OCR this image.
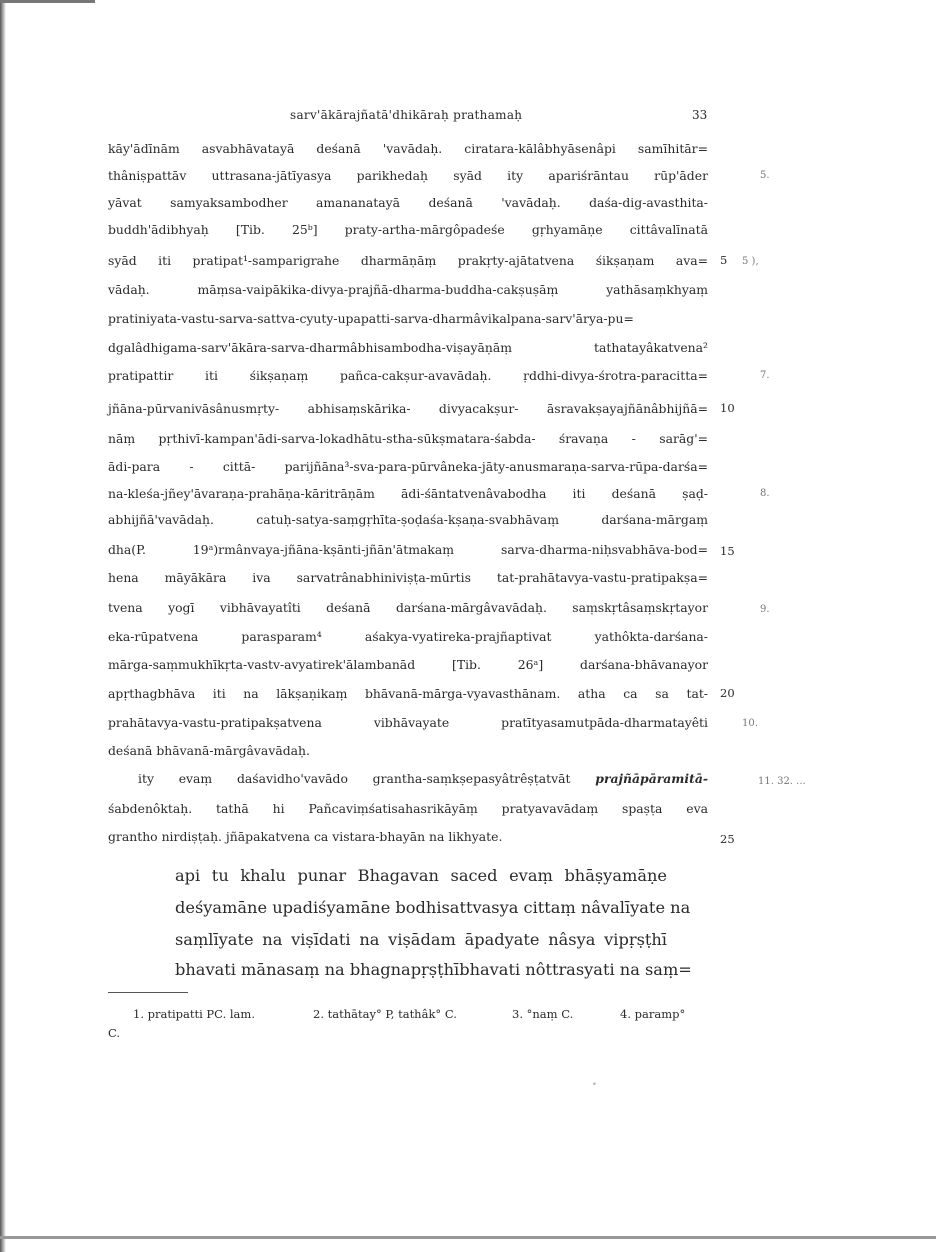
sarv'ākārajñatā'dhikāraḥ prathamaḥ	33
kāy'ādīnām asvabhāvatayā deśanā 'vavādaḥ. ciratara-kālâbhyāsenâpi samīhitār=
thâniṣpattāv uttrasana-jātīyasya parikhedaḥ syād ity apariśrāntau rūp'āder
yāvat samyaksambodher amananatayā deśanā 'vavādaḥ. daśa-dig-avasthita-
buddh'ādibhyaḥ [Tib. 25ᵇ] praty-artha-mārgôpadeśe gṛhyamāṇe cittâvalīnatā
syād iti pratipat¹-samparigrahe dharmāṇāṃ prakṛty-ajātatvena śikṣaṇam ava=
vādaḥ. māṃsa-vaipākika-divya-prajñā-dharma-buddha-cakṣuṣāṃ yathāsaṃkhyaṃ
pratiniyata-vastu-sarva-sattva-cyuty-upapatti-sarva-dharmâvikalpana-sarv'ārya-pu=
dgalâdhigama-sarv'ākāra-sarva-dharmâbhisambodha-viṣayāṇāṃ tathatayâkatvena²
pratipattir iti śikṣaṇaṃ pañca-cakṣur-avavādaḥ. ṛddhi-divya-śrotra-paracitta=
jñāna-pūrvanivāsânusmṛty- abhisaṃskārika- divyacakṣur- āsravakṣayajñānâbhijñā=
nāṃ pṛthivī-kampan'ādi-sarva-lokadhātu-stha-sūkṣmatara-śabda- śravaṇa - sarāg'=
ādi-para - cittā- parijñāna³-sva-para-pūrvâneka-jāty-anusmaraṇa-sarva-rūpa-darśa=
na-kleśa-jñey'āvaraṇa-prahāṇa-kāritrāṇām ādi-śāntatvenâvabodha iti deśanā ṣaḍ-
abhijñā'vavādaḥ. catuḥ-satya-saṃgṛhīta-ṣoḍaśa-kṣaṇa-svabhāvaṃ darśana-mārgaṃ
dha(P. 19ᵃ)rmânvaya-jñāna-kṣānti-jñān'ātmakaṃ sarva-dharma-niḥsvabhāva-bod=
hena māyākāra iva sarvatrânabhiniviṣṭa-mūrtis tat-prahātavya-vastu-pratipakṣa=
tvena yogī vibhāvayatîti deśanā darśana-mārgâvavādaḥ. saṃskṛtâsaṃskṛtayor
eka-rūpatvena parasparam⁴ aśakya-vyatireka-prajñaptivat yathôkta-darśana-
mārga-saṃmukhīkṛta-vastv-avyatirek'ālambanād [Tib. 26ᵃ] darśana-bhāvanayor
apṛthagbhāva iti na lākṣaṇikaṃ bhāvanā-mārga-vyavasthānam. atha ca sa tat-
prahātavya-vastu-pratipakṣatvena vibhāvayate pratītyasamutpāda-dharmatayêti
deśanā bhāvanā-mārgâvavādaḥ.
ity evaṃ daśavidho'vavādo grantha-saṃkṣepasyâtrêṣṭatvāt prajñāpāramitā-
śabdenôktaḥ. tathā hi Pañcaviṃśatisahasrikāyāṃ pratyavavādaṃ spaṣṭa eva
grantho nirdiṣṭaḥ. jñāpakatvena ca vistara-bhayān na likhyate.
5
10
15
20
25
5.
5 ),
7.
8.
9.
10.
11. 32. ...
api tu khalu punar Bhagavan saced evaṃ bhāṣyamāṇe
deśyamāne upadiśyamāne bodhisattvasya cittaṃ nâvalīyate na
saṃlīyate na viṣīdati na viṣādam āpadyate nâsya vipṛṣṭhī
bhavati mānasaṃ na bhagnapṛṣṭhībhavati nôttrasyati na saṃ=
1. pratipatti PC. lam.	2. tathātay° P, tathâk° C.	3. °naṃ C.	4. paramp°
C.
•
